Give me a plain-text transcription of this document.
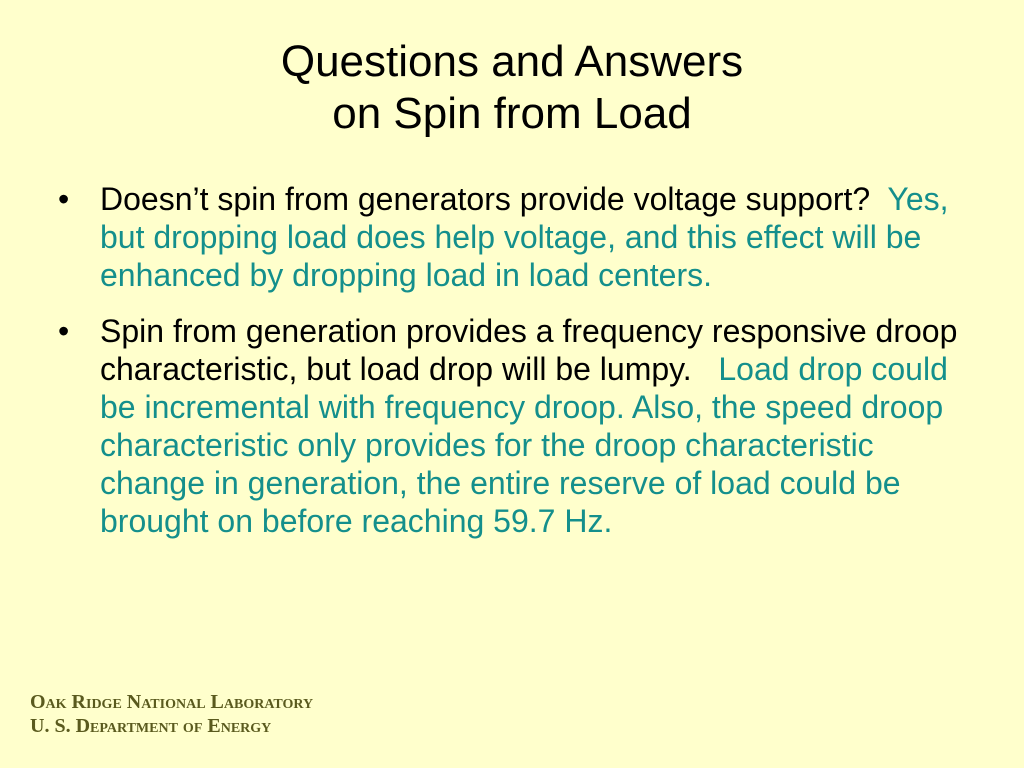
Questions and Answers
on Spin from Load
• Doesn’t spin from generators provide voltage support? Yes, but dropping load does help voltage, and this effect will be enhanced by dropping load in load centers.
• Spin from generation provides a frequency responsive droop characteristic, but load drop will be lumpy. Load drop could be incremental with frequency droop. Also, the speed droop characteristic only provides for the droop characteristic change in generation, the entire reserve of load could be brought on before reaching 59.7 Hz.
Oak Ridge National Laboratory
U. S. Department of Energy
